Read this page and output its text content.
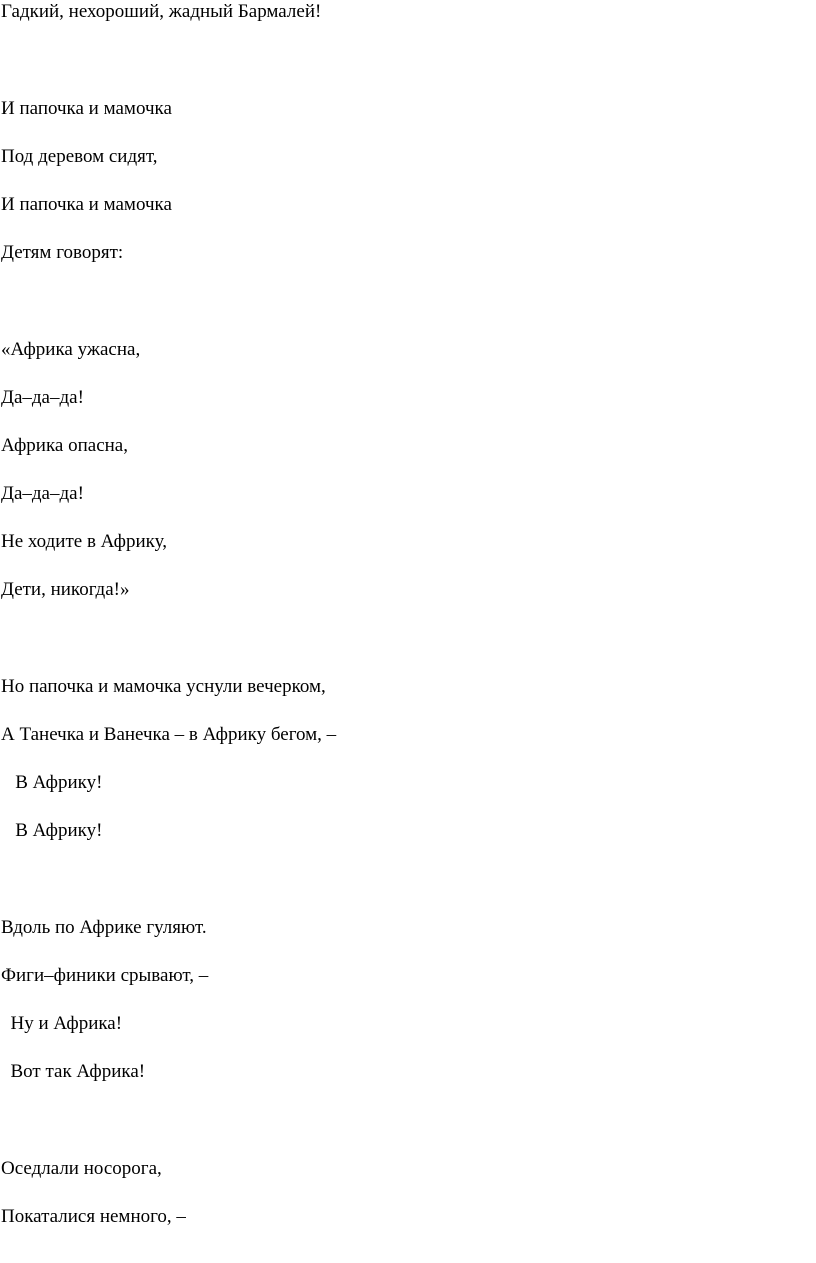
Гадкий, нехороший, жадный Бармалей!
И папочка и мамочка
Под деревом сидят,
И папочка и мамочка
Детям говорят:
«Африка ужасна,
Да–да–да!
Африка опасна,
Да–да–да!
Не ходите в Африку,
Дети, никогда!»
Но папочка и мамочка уснули вечерком,
А Танечка и Ванечка – в Африку бегом, –
В Африку!
В Африку!
Вдоль по Африке гуляют.
Фиги–финики срывают, –
Ну и Африка!
Вот так Африка!
Оседлали носорога,
Покаталися немного, –
